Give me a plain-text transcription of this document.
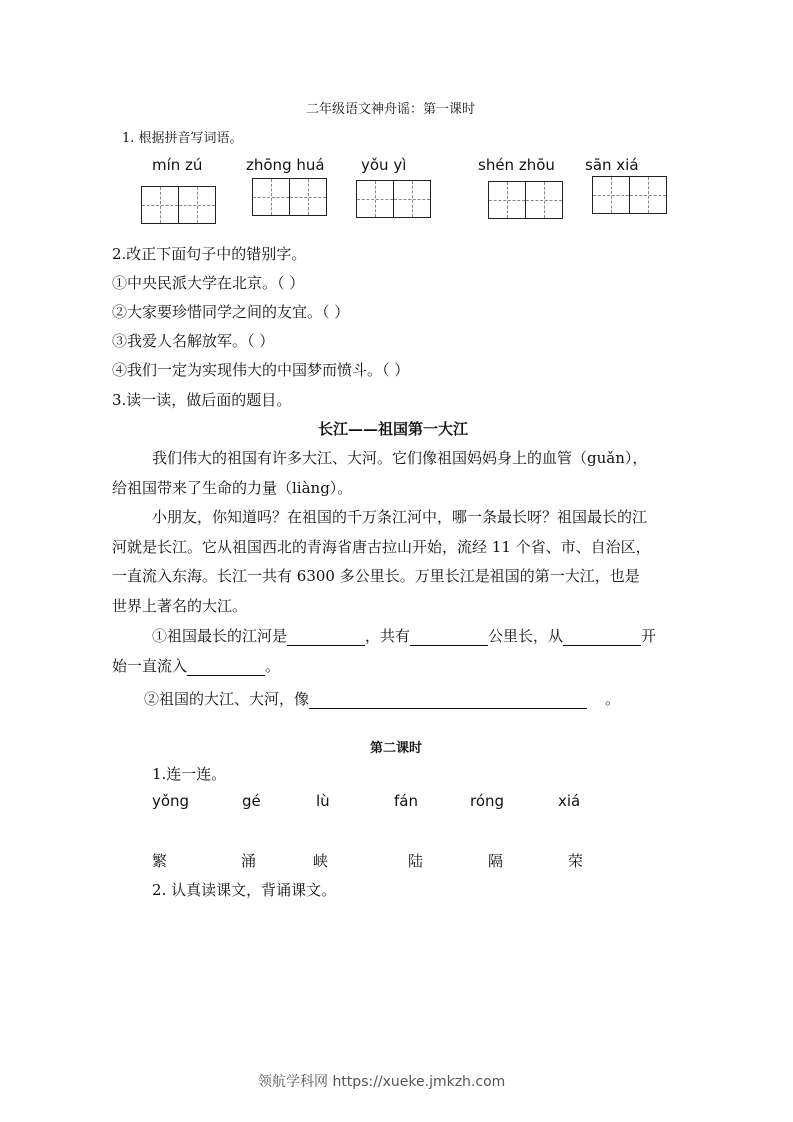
二年级语文神舟谣：第一课时
1. 根据拼音写词语。
mín zú	zhōng huá yǒu yì	shén zhōu sān xiá
2.改正下面句子中的错别字。
①中央民派大学在北京。（ ）
②大家要珍惜同学之间的友宜。（ ）
③我爱人名解放军。（ ）
④我们一定为实现伟大的中国梦而愤斗。（ ）
3.读一读，做后面的题目。
长江——祖国第一大江
我们伟大的祖国有许多大江、大河。它们像祖国妈妈身上的血管（guǎn），
给祖国带来了生命的力量（liàng）。
小朋友，你知道吗？在祖国的千万条江河中，哪一条最长呀？祖国最长的江
河就是长江。它从祖国西北的青海省唐古拉山开始，流经 11 个省、市、自治区，
一直流入东海。长江一共有 6300 多公里长。万里长江是祖国的第一大江，也是
世界上著名的大江。
①祖国最长的江河是	，共有	公里长，从	开
始一直流入	。
②祖国的大江、大河，像	。
第二课时
1.连一连。
yǒng	gé	lù	fán	róng	xiá
繁	涌	峡	陆	隔	荣
2. 认真读课文，背诵课文。
领航学科网 https://xueke.jmkzh.com
